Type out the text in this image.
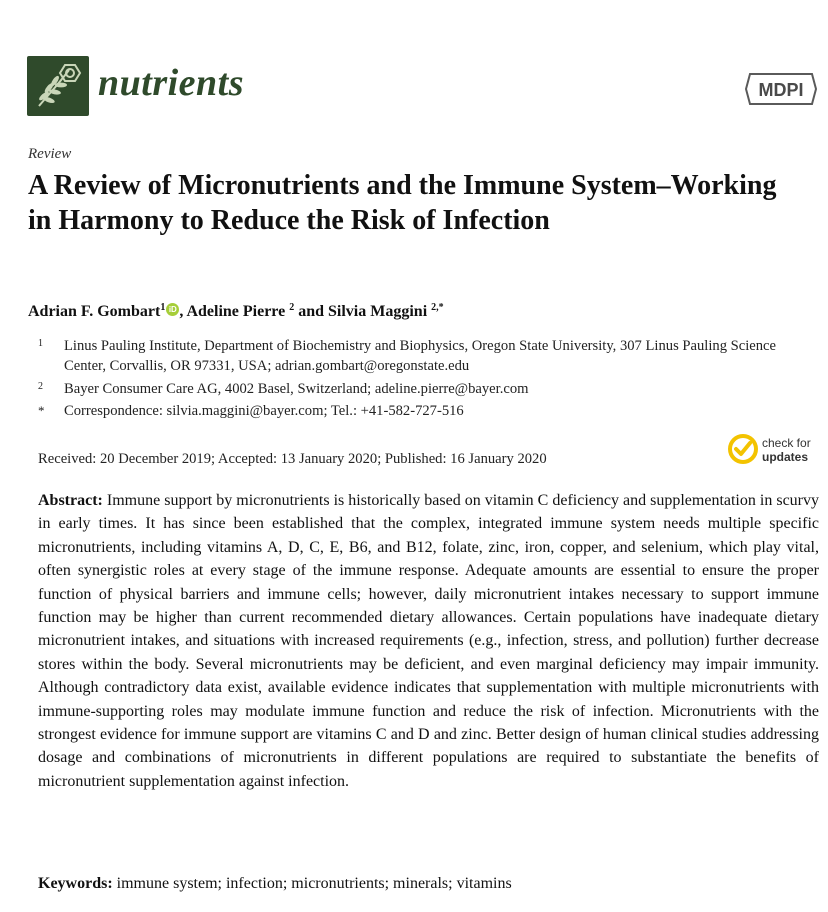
nutrients	MDPI
Review
A Review of Micronutrients and the Immune System–Working in Harmony to Reduce the Risk of Infection
Adrian F. Gombart$^1$ iD , Adeline Pierre $^2$ and Silvia Maggini $^{2,*}$
1 Linus Pauling Institute, Department of Biochemistry and Biophysics, Oregon State University, 307 Linus Pauling Science Center, Corvallis, OR 97331, USA; adrian.gombart@oregonstate.edu
2 Bayer Consumer Care AG, 4002 Basel, Switzerland; adeline.pierre@bayer.com
* Correspondence: silvia.maggini@bayer.com; Tel.: +41-582-727-516
Received: 20 December 2019; Accepted: 13 January 2020; Published: 16 January 2020
check for
updates

Abstract: Immune support by micronutrients is historically based on vitamin C deficiency and supplementation in scurvy in early times. It has since been established that the complex, integrated immune system needs multiple specific micronutrients, including vitamins A, D, C, E, B6, and B12, folate, zinc, iron, copper, and selenium, which play vital, often synergistic roles at every stage of the immune response. Adequate amounts are essential to ensure the proper function of physical barriers and immune cells; however, daily micronutrient intakes necessary to support immune function may be higher than current recommended dietary allowances. Certain populations have inadequate dietary micronutrient intakes, and situations with increased requirements (e.g., infection, stress, and pollution) further decrease stores within the body. Several micronutrients may be deficient, and even marginal deficiency may impair immunity. Although contradictory data exist, available evidence indicates that supplementation with multiple micronutrients with immune-supporting roles may modulate immune function and reduce the risk of infection. Micronutrients with the strongest evidence for immune support are vitamins C and D and zinc. Better design of human clinical studies addressing dosage and combinations of micronutrients in different populations are required to substantiate the benefits of micronutrient supplementation against infection.

Keywords: immune system; infection; micronutrients; minerals; vitamins
